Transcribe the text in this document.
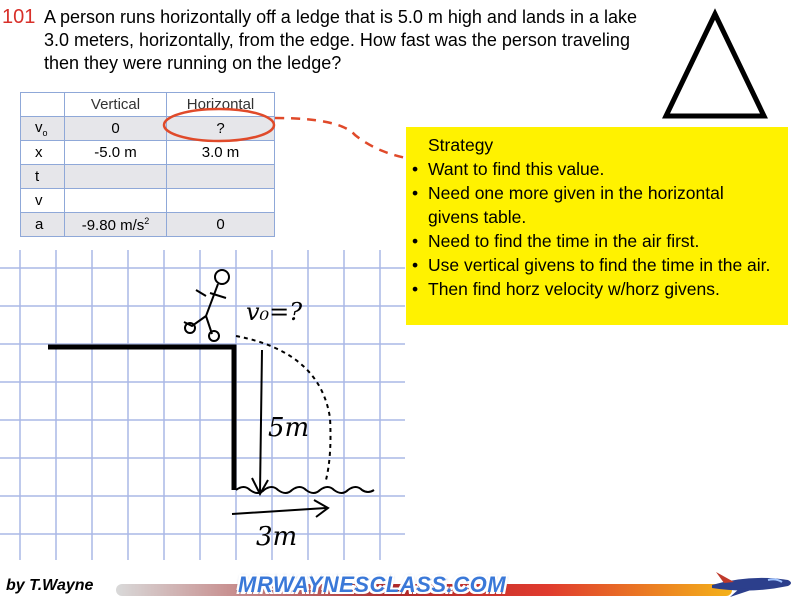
101 A person runs horizontally off a ledge that is 5.0 m high and lands in a lake 3.0 meters, horizontally, from the edge. How fast was the person traveling then they were running on the ledge?
	Vertical	Horizontal
$v_o$	0	?
x	-5.0 m	3.0 m
t		
v		
a	-9.80 $m/s^2$	0
Strategy
• Want to find this value.
• Need one more given in the horizontal givens table.
• Need to find the time in the air first.
• Use vertical givens to find the time in the air.
• Then find horz velocity w/horz givens.
v₀=?
5m
3m
by T.Wayne	MRWAYNESCLASS.COM
